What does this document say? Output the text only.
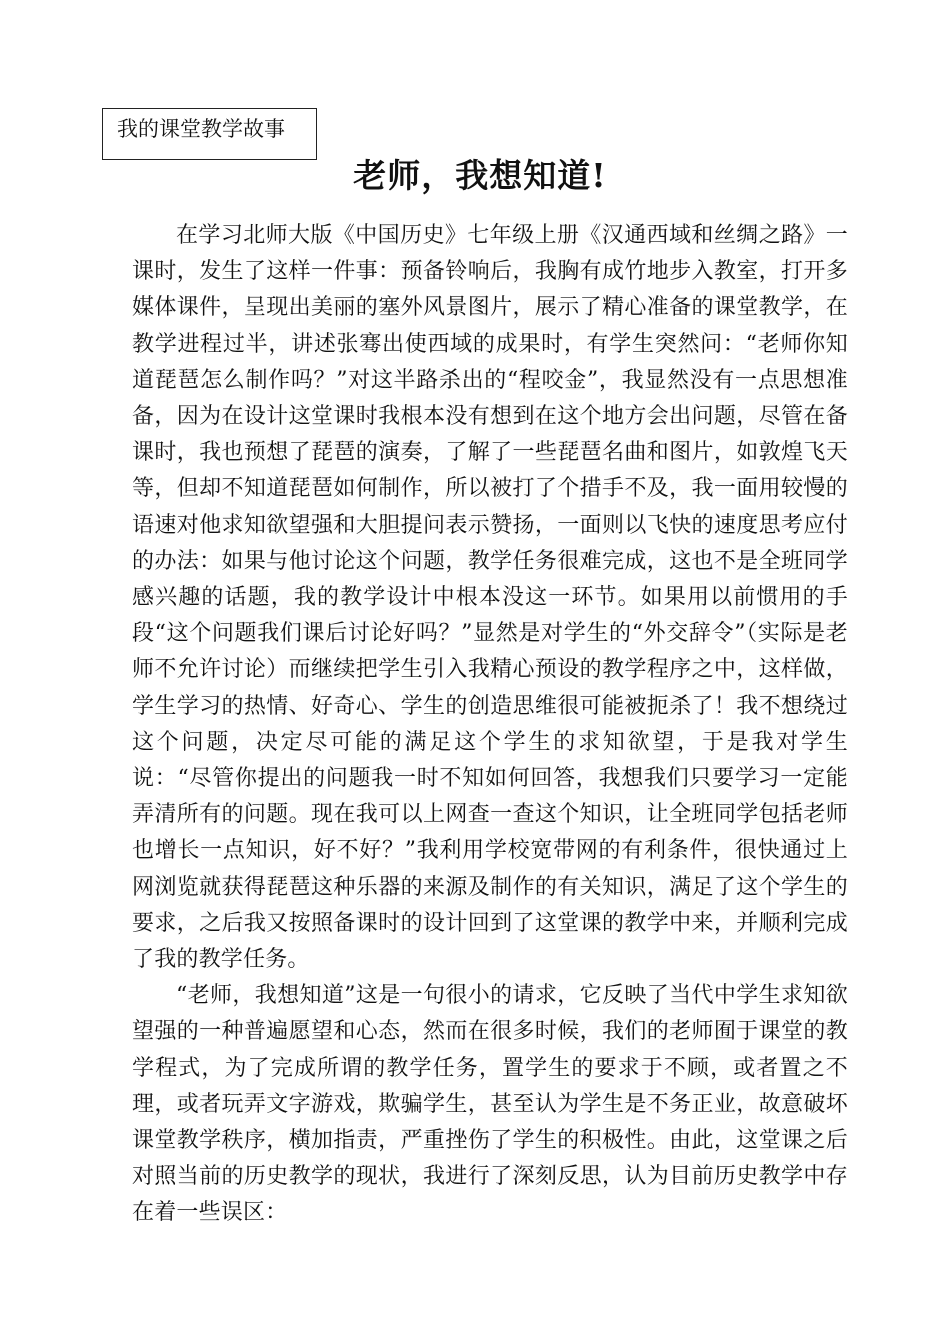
我的课堂教学故事
老师，我想知道!

在学习北师大版《中国历史》七年级上册《汉通西域和丝绸之路》一课时，发生了这样一件事：预备铃响后，我胸有成竹地步入教室，打开多媒体课件，呈现出美丽的塞外风景图片，展示了精心准备的课堂教学，在教学进程过半，讲述张骞出使西域的成果时，有学生突然问：“老师你知道琵琶怎么制作吗？”对这半路杀出的“程咬金”，我显然没有一点思想准备，因为在设计这堂课时我根本没有想到在这个地方会出问题，尽管在备课时，我也预想了琵琶的演奏，了解了一些琵琶名曲和图片，如敦煌飞天等，但却不知道琵琶如何制作，所以被打了个措手不及，我一面用较慢的语速对他求知欲望强和大胆提问表示赞扬，一面则以飞快的速度思考应付的办法：如果与他讨论这个问题，教学任务很难完成，这也不是全班同学感兴趣的话题，我的教学设计中根本没这一环节。如果用以前惯用的手段“这个问题我们课后讨论好吗？”显然是对学生的“外交辞令”（实际是老师不允许讨论）而继续把学生引入我精心预设的教学程序之中，这样做，学生学习的热情、好奇心、学生的创造思维很可能被扼杀了！我不想绕过这个问题，决定尽可能的满足这个学生的求知欲望，于是我对学生说：“尽管你提出的问题我一时不知如何回答，我想我们只要学习一定能弄清所有的问题。现在我可以上网查一查这个知识，让全班同学包括老师也增长一点知识，好不好？”我利用学校宽带网的有利条件，很快通过上网浏览就获得琵琶这种乐器的来源及制作的有关知识，满足了这个学生的要求，之后我又按照备课时的设计回到了这堂课的教学中来，并顺利完成了我的教学任务。

“老师，我想知道”这是一句很小的请求，它反映了当代中学生求知欲望强的一种普遍愿望和心态，然而在很多时候，我们的老师囿于课堂的教学程式，为了完成所谓的教学任务，置学生的要求于不顾，或者置之不理，或者玩弄文字游戏，欺骗学生，甚至认为学生是不务正业，故意破坏课堂教学秩序，横加指责，严重挫伤了学生的积极性。由此，这堂课之后对照当前的历史教学的现状，我进行了深刻反思，认为目前历史教学中存在着一些误区：
